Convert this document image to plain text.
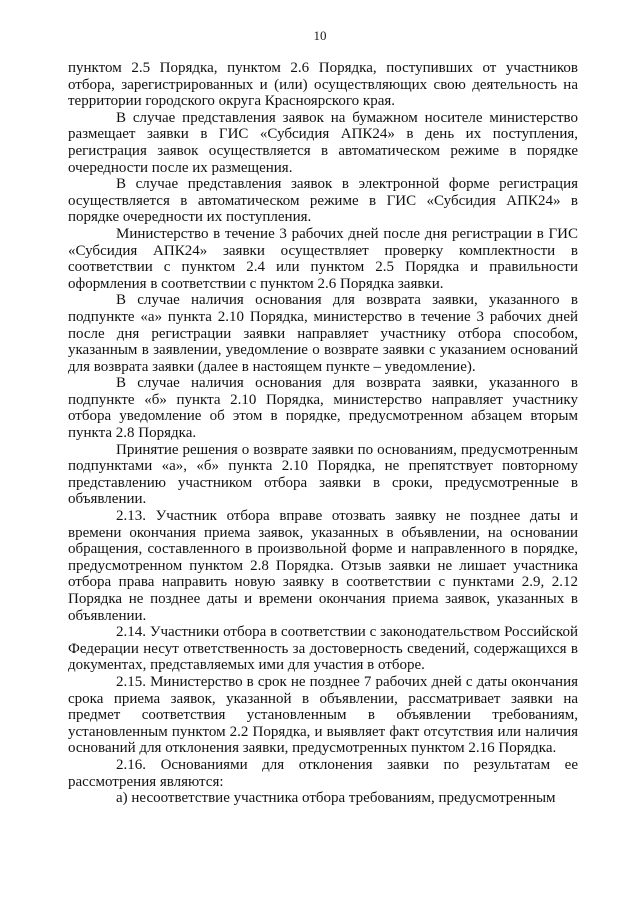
10

пунктом 2.5 Порядка, пунктом 2.6 Порядка, поступивших от участников отбора, зарегистрированных и (или) осуществляющих свою деятельность на территории городского округа Красноярского края.

В случае представления заявок на бумажном носителе министерство размещает заявки в ГИС «Субсидия АПК24» в день их поступления, регистрация заявок осуществляется в автоматическом режиме в порядке очередности после их размещения.

В случае представления заявок в электронной форме регистрация осуществляется в автоматическом режиме в ГИС «Субсидия АПК24» в порядке очередности их поступления.

Министерство в течение 3 рабочих дней после дня регистрации в ГИС «Субсидия АПК24» заявки осуществляет проверку комплектности в соответствии с пунктом 2.4 или пунктом 2.5 Порядка и правильности оформления в соответствии с пунктом 2.6 Порядка заявки.

В случае наличия основания для возврата заявки, указанного в подпункте «а» пункта 2.10 Порядка, министерство в течение 3 рабочих дней после дня регистрации заявки направляет участнику отбора способом, указанным в заявлении, уведомление о возврате заявки с указанием оснований для возврата заявки (далее в настоящем пункте – уведомление).

В случае наличия основания для возврата заявки, указанного в подпункте «б» пункта 2.10 Порядка, министерство направляет участнику отбора уведомление об этом в порядке, предусмотренном абзацем вторым пункта 2.8 Порядка.

Принятие решения о возврате заявки по основаниям, предусмотренным подпунктами «а», «б» пункта 2.10 Порядка, не препятствует повторному представлению участником отбора заявки в сроки, предусмотренные в объявлении.

2.13. Участник отбора вправе отозвать заявку не позднее даты и времени окончания приема заявок, указанных в объявлении, на основании обращения, составленного в произвольной форме и направленного в порядке, предусмотренном пунктом 2.8 Порядка. Отзыв заявки не лишает участника отбора права направить новую заявку в соответствии с пунктами 2.9, 2.12 Порядка не позднее даты и времени окончания приема заявок, указанных в объявлении.

2.14. Участники отбора в соответствии с законодательством Российской Федерации несут ответственность за достоверность сведений, содержащихся в документах, представляемых ими для участия в отборе.

2.15. Министерство в срок не позднее 7 рабочих дней с даты окончания срока приема заявок, указанной в объявлении, рассматривает заявки на предмет соответствия установленным в объявлении требованиям, установленным пунктом 2.2 Порядка, и выявляет факт отсутствия или наличия оснований для отклонения заявки, предусмотренных пунктом 2.16 Порядка.

2.16. Основаниями для отклонения заявки по результатам ее рассмотрения являются:

а) несоответствие участника отбора требованиям, предусмотренным
